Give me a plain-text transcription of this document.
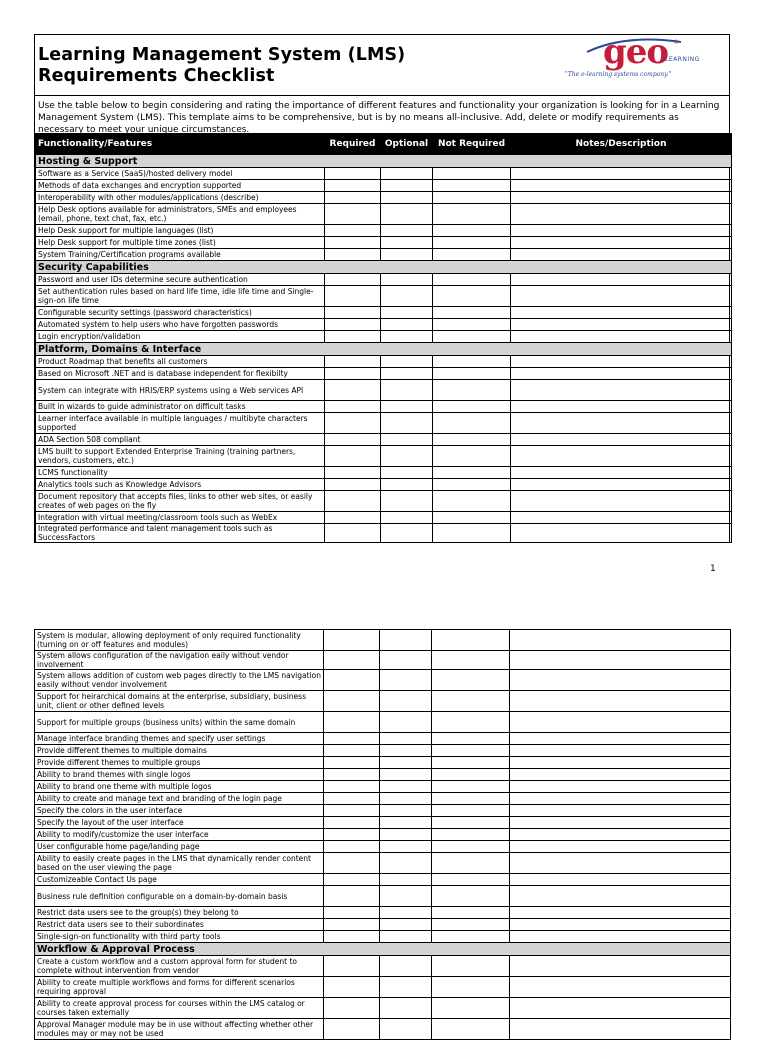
Learning Management System (LMS)
Requirements Checklist
geo ®
LEARNING
"The e-learning systems company."
Use the table below to begin considering and rating the importance of different features and functionality your organization is looking for in a Learning Management System (LMS). This template aims to be comprehensive, but is by no means all-inclusive. Add, delete or modify requirements as necessary to meet your unique circumstances.
Functionality/Features	Required	Optional	Not Required	Notes/Description
Hosting & Support				
Software as a Service (SaaS)/hosted delivery model				
Methods of data exchanges and encryption supported				
Interoperability with other modules/applications (describe)				
Help Desk options available for administrators, SMEs and employees (email, phone, text chat, fax, etc.)				
Help Desk support for multiple languages (list)				
Help Desk support for multiple time zones (list)				
System Training/Certification programs available				
Security Capabilities				
Password and user IDs determine secure authentication				
Set authentication rules based on hard life time, idle life time and Single-sign-on life time				
Configurable security settings (password characteristics)				
Automated system to help users who have forgotten passwords				
Login encryption/validation				
Platform, Domains & Interface				
Product Roadmap that benefits all customers				
Based on Microsoft .NET and is database independent for flexibilty				
System can integrate with HRIS/ERP systems using a Web services API				
Built in wizards to guide administrator on difficult tasks				
Learner interface available in multiple languages / multibyte characters supported				
ADA Section 508 compliant				
LMS built to support Extended Enterprise Training (training partners, vendors, customers, etc.)				
LCMS functionality				
Analytics tools such as Knowledge Advisors				
Document repository that accepts files, links to other web sites, or easily creates of web pages on the fly				
Integration with virtual meeting/classroom tools such as WebEx				
Integrated performance and talent management tools such as SuccessFactors				
1
System is modular, allowing deployment of only required functionality (turning on or off features and modules)				
System allows configuration of the navigation eaily without vendor involvement				
System allows addition of custom web pages directly to the LMS navigation easily without vendor involvement				
Support for heirarchical domains at the enterprise, subsidiary, business unit, client or other defined levels				
Support for multiple groups (business units) within the same domain				
Manage interface branding themes and specify user settings				
Provide different themes to multiple domains				
Provide different themes to multiple groups				
Ability to brand themes with single logos				
Ability to brand one theme with multiple logos				
Ability to create and manage text and branding of the login page				
Specify the colors in the user interface				
Specify the layout of the user interface				
Ability to modify/customize the user interface				
User configurable home page/landing page				
Ability to easily create pages in the LMS that dynamically render content based on the user viewing the page				
Customizeable Contact Us page				
Business rule definition configurable on a domain-by-domain basis				
Restrict data users see to the group(s) they belong to				
Restrict data users see to their subordinates				
Single-sign-on functionality with third party tools				
Workflow & Approval Process				
Create a custom workflow and a custom approval form for student to complete without intervention from vendor				
Ability to create multiple workflows and forms for different scenarios requiring approval				
Ability to create approval process for courses within the LMS catalog or courses taken externally				
Approval Manager module may be in use without affecting whether other modules may or may not be used				
